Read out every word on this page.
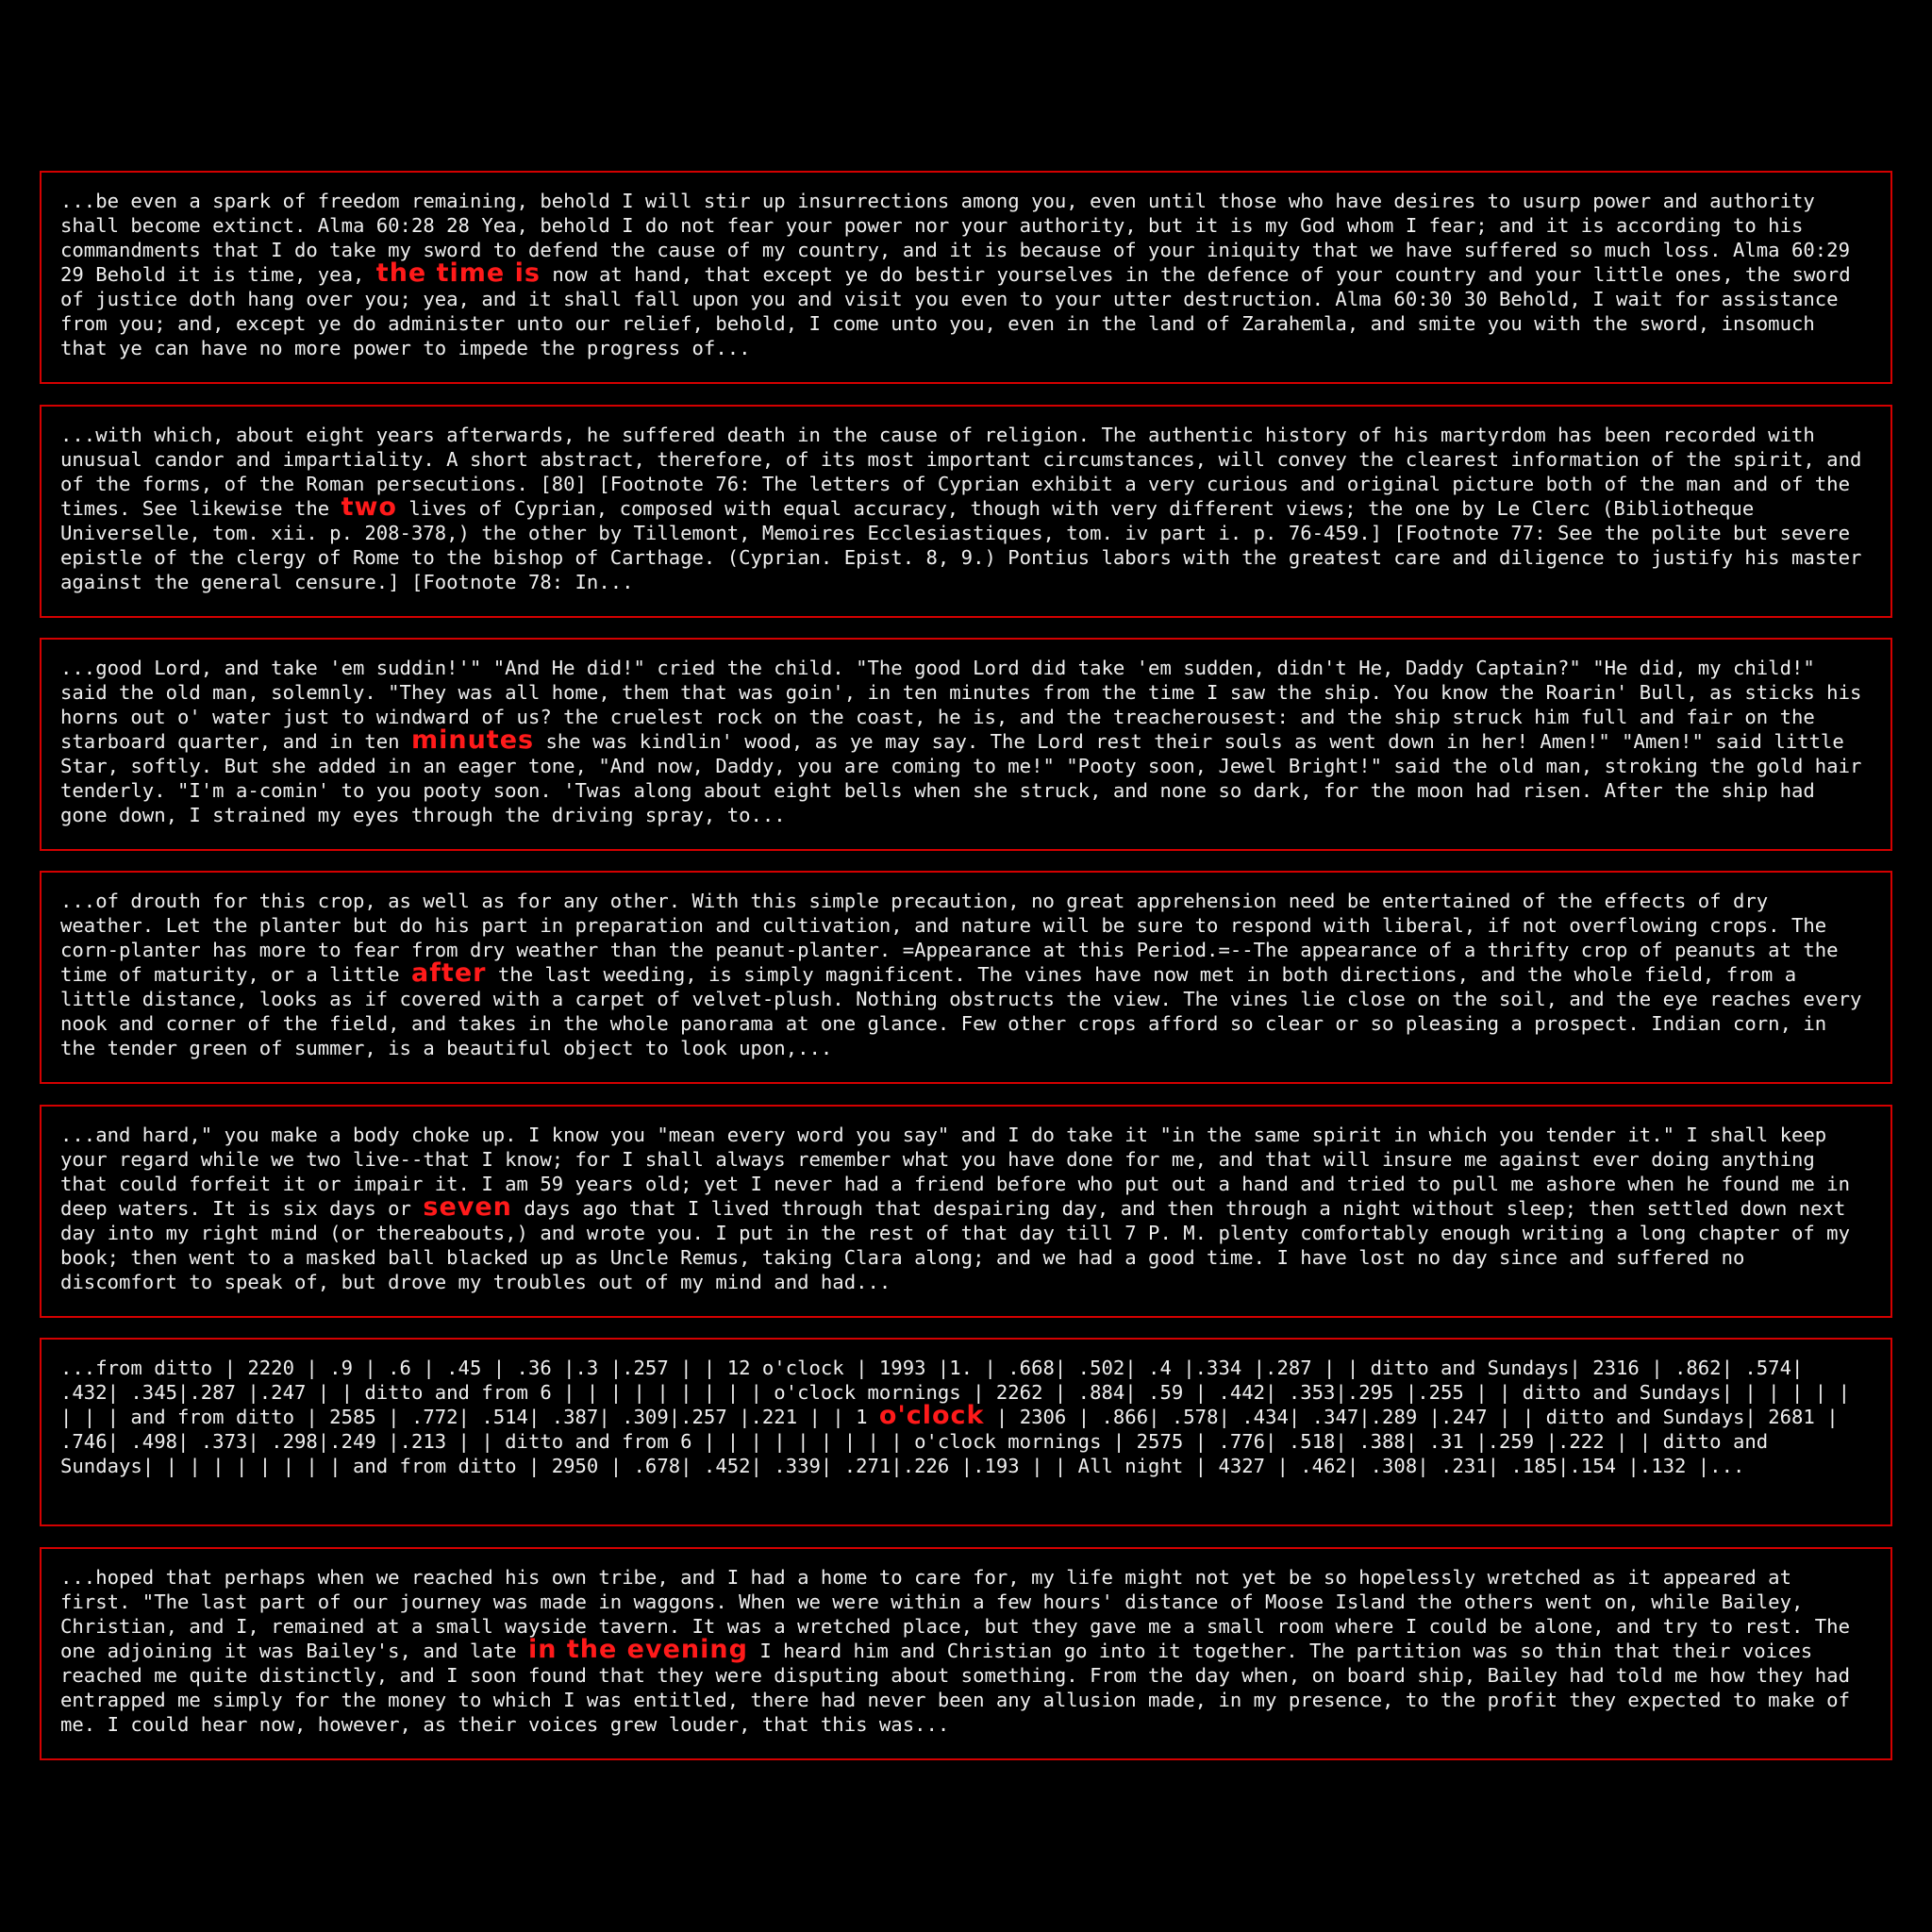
...be even a spark of freedom remaining, behold I will stir up insurrections among you, even until those who have desires to usurp power and authority shall become extinct. Alma 60:28 28 Yea, behold I do not fear your power nor your authority, but it is my God whom I fear; and it is according to his commandments that I do take my sword to defend the cause of my country, and it is because of your iniquity that we have suffered so much loss. Alma 60:29 29 Behold it is time, yea, the time is now at hand, that except ye do bestir yourselves in the defence of your country and your little ones, the sword of justice doth hang over you; yea, and it shall fall upon you and visit you even to your utter destruction. Alma 60:30 30 Behold, I wait for assistance from you; and, except ye do administer unto our relief, behold, I come unto you, even in the land of Zarahemla, and smite you with the sword, insomuch that ye can have no more power to impede the progress of...

...with which, about eight years afterwards, he suffered death in the cause of religion. The authentic history of his martyrdom has been recorded with unusual candor and impartiality. A short abstract, therefore, of its most important circumstances, will convey the clearest information of the spirit, and of the forms, of the Roman persecutions. [80] [Footnote 76: The letters of Cyprian exhibit a very curious and original picture both of the man and of the times. See likewise the two lives of Cyprian, composed with equal accuracy, though with very different views; the one by Le Clerc (Bibliotheque Universelle, tom. xii. p. 208-378,) the other by Tillemont, Memoires Ecclesiastiques, tom. iv part i. p. 76-459.] [Footnote 77: See the polite but severe epistle of the clergy of Rome to the bishop of Carthage. (Cyprian. Epist. 8, 9.) Pontius labors with the greatest care and diligence to justify his master against the general censure.] [Footnote 78: In...

...good Lord, and take 'em suddin!'" "And He did!" cried the child. "The good Lord did take 'em sudden, didn't He, Daddy Captain?" "He did, my child!" said the old man, solemnly. "They was all home, them that was goin', in ten minutes from the time I saw the ship. You know the Roarin' Bull, as sticks his horns out o' water just to windward of us? the cruelest rock on the coast, he is, and the treacherousest: and the ship struck him full and fair on the starboard quarter, and in ten minutes she was kindlin' wood, as ye may say. The Lord rest their souls as went down in her! Amen!" "Amen!" said little Star, softly. But she added in an eager tone, "And now, Daddy, you are coming to me!" "Pooty soon, Jewel Bright!" said the old man, stroking the gold hair tenderly. "I'm a-comin' to you pooty soon. 'Twas along about eight bells when she struck, and none so dark, for the moon had risen. After the ship had gone down, I strained my eyes through the driving spray, to...

...of drouth for this crop, as well as for any other. With this simple precaution, no great apprehension need be entertained of the effects of dry weather. Let the planter but do his part in preparation and cultivation, and nature will be sure to respond with liberal, if not overflowing crops. The corn-planter has more to fear from dry weather than the peanut-planter. =Appearance at this Period.=--The appearance of a thrifty crop of peanuts at the time of maturity, or a little after the last weeding, is simply magnificent. The vines have now met in both directions, and the whole field, from a little distance, looks as if covered with a carpet of velvet-plush. Nothing obstructs the view. The vines lie close on the soil, and the eye reaches every nook and corner of the field, and takes in the whole panorama at one glance. Few other crops afford so clear or so pleasing a prospect. Indian corn, in the tender green of summer, is a beautiful object to look upon,...

...and hard," you make a body choke up. I know you "mean every word you say" and I do take it "in the same spirit in which you tender it." I shall keep your regard while we two live--that I know; for I shall always remember what you have done for me, and that will insure me against ever doing anything that could forfeit it or impair it. I am 59 years old; yet I never had a friend before who put out a hand and tried to pull me ashore when he found me in deep waters. It is six days or seven days ago that I lived through that despairing day, and then through a night without sleep; then settled down next day into my right mind (or thereabouts,) and wrote you. I put in the rest of that day till 7 P. M. plenty comfortably enough writing a long chapter of my book; then went to a masked ball blacked up as Uncle Remus, taking Clara along; and we had a good time. I have lost no day since and suffered no discomfort to speak of, but drove my troubles out of my mind and had...

...from ditto | 2220 | .9 | .6 | .45 | .36 |.3 |.257 | | 12 o'clock | 1993 |1. | .668| .502| .4 |.334 |.287 | | ditto and Sundays| 2316 | .862| .574| .432| .345|.287 |.247 | | ditto and from 6 | | | | | | | | | o'clock mornings | 2262 | .884| .59 | .442| .353|.295 |.255 | | ditto and Sundays| | | | | | | | | and from ditto | 2585 | .772| .514| .387| .309|.257 |.221 | | 1 o'clock | 2306 | .866| .578| .434| .347|.289 |.247 | | ditto and Sundays| 2681 | .746| .498| .373| .298|.249 |.213 | | ditto and from 6 | | | | | | | | | o'clock mornings | 2575 | .776| .518| .388| .31 |.259 |.222 | | ditto and Sundays| | | | | | | | | and from ditto | 2950 | .678| .452| .339| .271|.226 |.193 | | All night | 4327 | .462| .308| .231| .185|.154 |.132 |...

...hoped that perhaps when we reached his own tribe, and I had a home to care for, my life might not yet be so hopelessly wretched as it appeared at first. "The last part of our journey was made in waggons. When we were within a few hours' distance of Moose Island the others went on, while Bailey, Christian, and I, remained at a small wayside tavern. It was a wretched place, but they gave me a small room where I could be alone, and try to rest. The one adjoining it was Bailey's, and late in the evening I heard him and Christian go into it together. The partition was so thin that their voices reached me quite distinctly, and I soon found that they were disputing about something. From the day when, on board ship, Bailey had told me how they had entrapped me simply for the money to which I was entitled, there had never been any allusion made, in my presence, to the profit they expected to make of me. I could hear now, however, as their voices grew louder, that this was...
